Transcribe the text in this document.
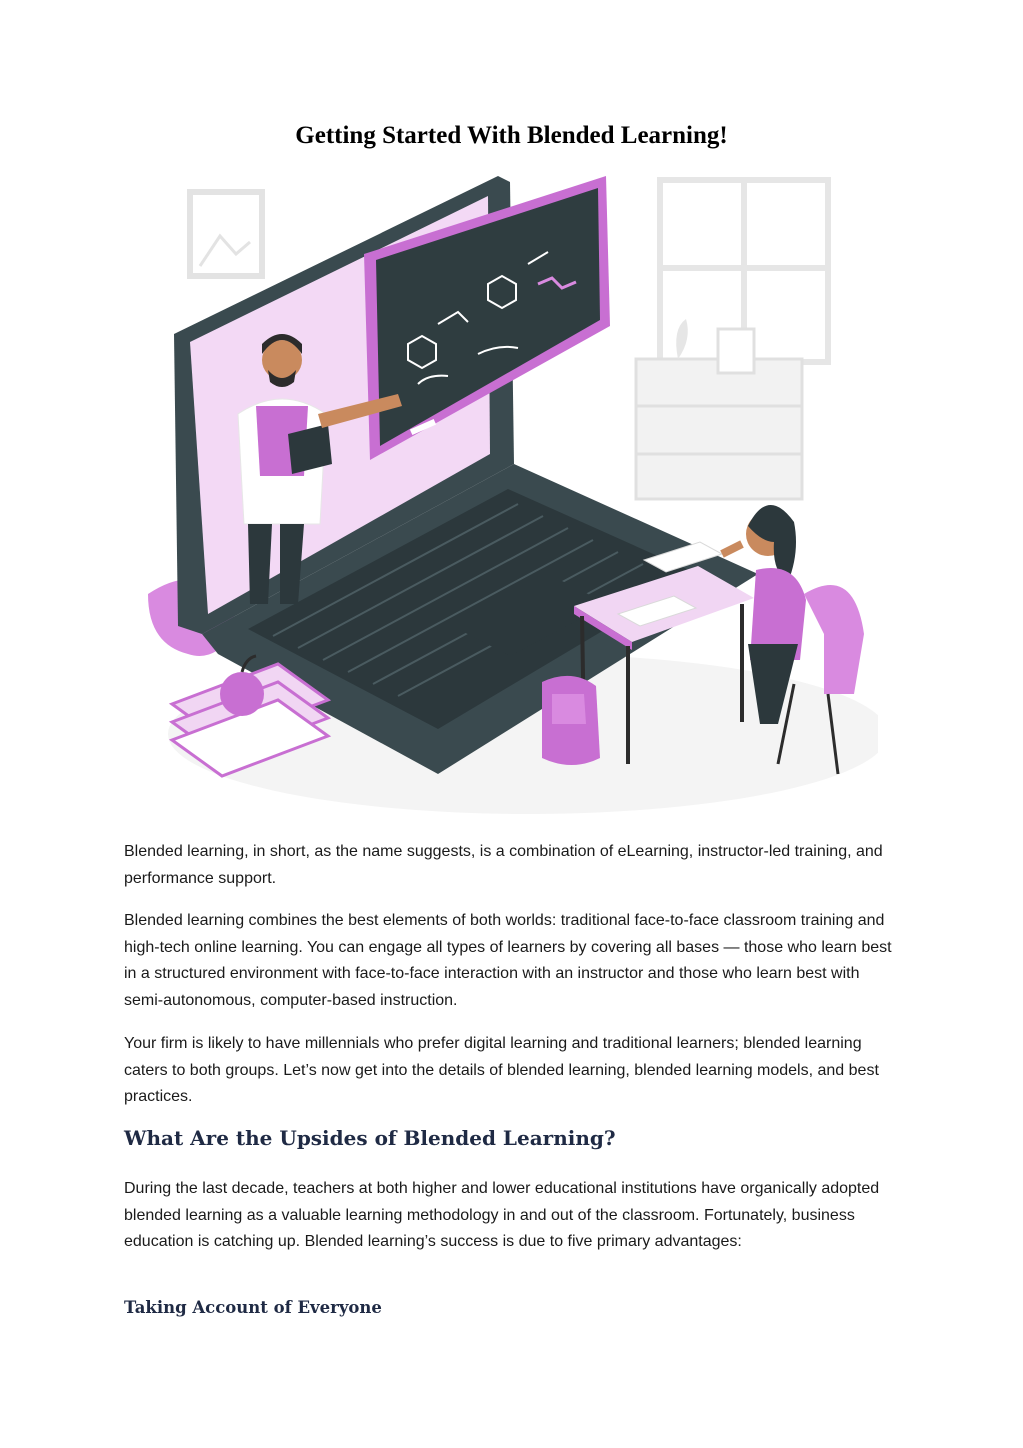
Getting Started With Blended Learning!

Blended learning, in short, as the name suggests, is a combination of eLearning, instructor-led training, and performance support.

Blended learning combines the best elements of both worlds: traditional face-to-face classroom training and high-tech online learning. You can engage all types of learners by covering all bases — those who learn best in a structured environment with face-to-face interaction with an instructor and those who learn best with semi-autonomous, computer-based instruction.

Your firm is likely to have millennials who prefer digital learning and traditional learners; blended learning caters to both groups. Let’s now get into the details of blended learning, blended learning models, and best practices.

What Are the Upsides of Blended Learning?

During the last decade, teachers at both higher and lower educational institutions have organically adopted blended learning as a valuable learning methodology in and out of the classroom. Fortunately, business education is catching up. Blended learning’s success is due to five primary advantages:

Taking Account of Everyone
